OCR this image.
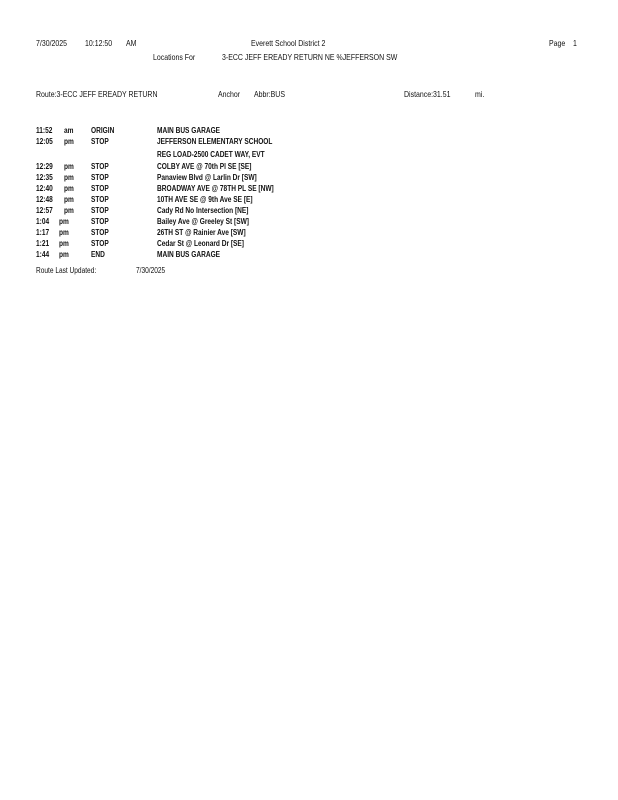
7/30/2025 10:12:50 AM	Everett School District 2	Page 1
Locations For	3-ECC JEFF EREADY RETURN NE %JEFFERSON SW
Route:3-ECC JEFF EREADY RETURN	Anchor Abbr:BUS	Distance:31.51	mi.
11:52 am ORIGIN	MAIN BUS GARAGE
12:05 pm STOP	JEFFERSON ELEMENTARY SCHOOL
REG LOAD-2500 CADET WAY, EVT
12:29 pm STOP	COLBY AVE @ 70th Pl SE [SE]
12:35 pm STOP	Panaview Blvd @ Larlin Dr [SW]
12:40 pm STOP	BROADWAY AVE @ 78TH PL SE [NW]
12:48 pm STOP	10TH AVE SE @ 9th Ave SE [E]
12:57 pm STOP	Cady Rd No Intersection [NE]
1:04 pm	STOP	Bailey Ave @ Greeley St [SW]
1:17 pm	STOP	26TH ST @ Rainier Ave [SW]
1:21 pm	STOP	Cedar St @ Leonard Dr [SE]
1:44 pm	END	MAIN BUS GARAGE
Route Last Updated:	7/30/2025
